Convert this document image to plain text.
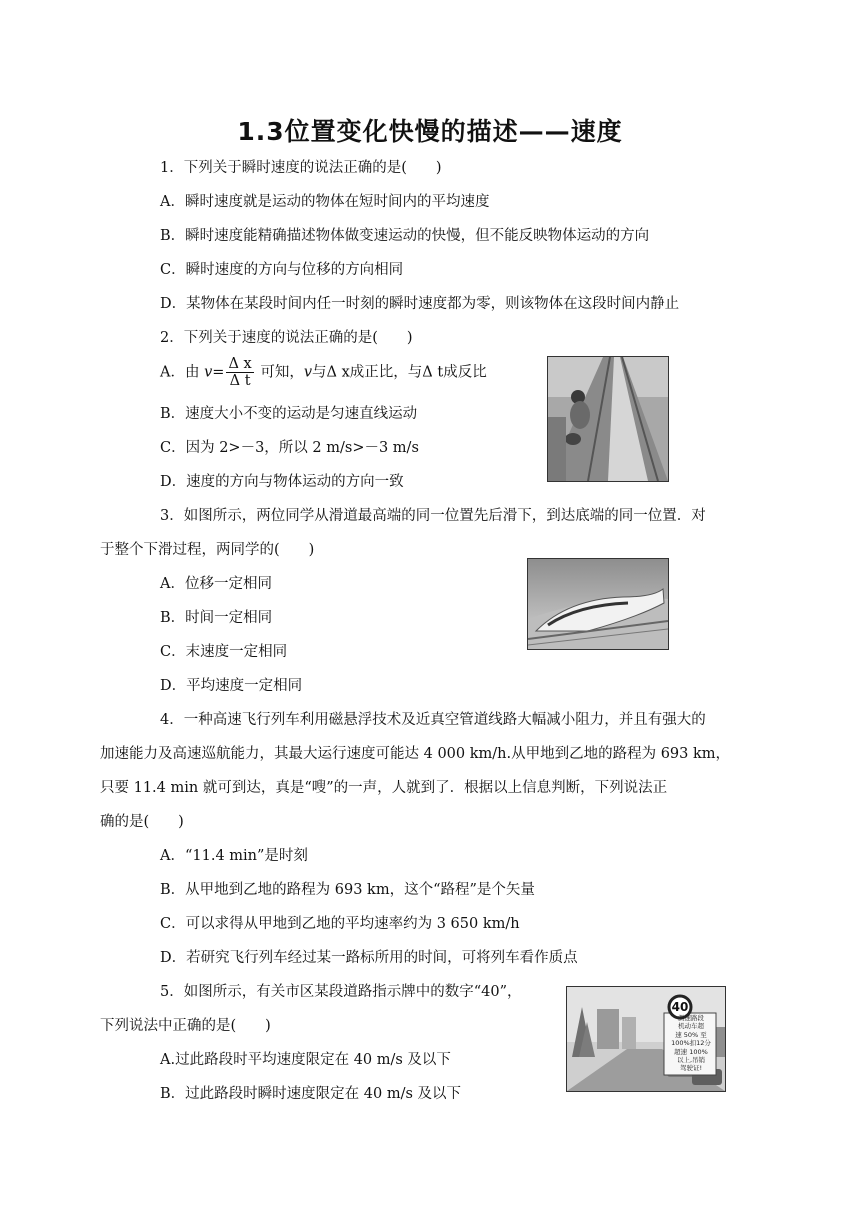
1.3位置变化快慢的描述——速度
1．下列关于瞬时速度的说法正确的是(　　)
A．瞬时速度就是运动的物体在短时间内的平均速度
B．瞬时速度能精确描述物体做变速运动的快慢，但不能反映物体运动的方向
C．瞬时速度的方向与位移的方向相同
D．某物体在某段时间内任一时刻的瞬时速度都为零，则该物体在这段时间内静止
2．下列关于速度的说法正确的是(　　)
A．由 $v= \frac{\text{Δ x}}{\text{Δ t}}$ 可知，v与Δ x成正比，与Δ t成反比
B．速度大小不变的运动是匀速直线运动
C．因为 2>－3，所以 2 m/s>－3 m/s
D．速度的方向与物体运动的方向一致
3．如图所示，两位同学从滑道最高端的同一位置先后滑下，到达底端的同一位置．对
于整个下滑过程，两同学的(　　)
A．位移一定相同
B．时间一定相同
C．末速度一定相同
D．平均速度一定相同
4．一种高速飞行列车利用磁悬浮技术及近真空管道线路大幅减小阻力，并且有强大的
加速能力及高速巡航能力，其最大运行速度可能达 4 000 km/h.从甲地到乙地的路程为 693 km，
只要 11.4 min 就可到达，真是“嗖”的一声，人就到了．根据以上信息判断，下列说法正
确的是(　　)
A．“11.4 min”是时刻
B．从甲地到乙地的路程为 693 km，这个“路程”是个矢量
C．可以求得从甲地到乙地的平均速率约为 3 650 km/h
D．若研究飞行列车经过某一路标所用的时间，可将列车看作质点
5．如图所示，有关市区某段道路指示牌中的数字“40”，
下列说法中正确的是(　　)
A.过此路段时平均速度限定在 40 m/s 及以下
B．过此路段时瞬时速度限定在 40 m/s 及以下
40
测速路段
机动车超
速 50% 至
100%扣12分
超速 100%
以上,吊销
驾驶证!
